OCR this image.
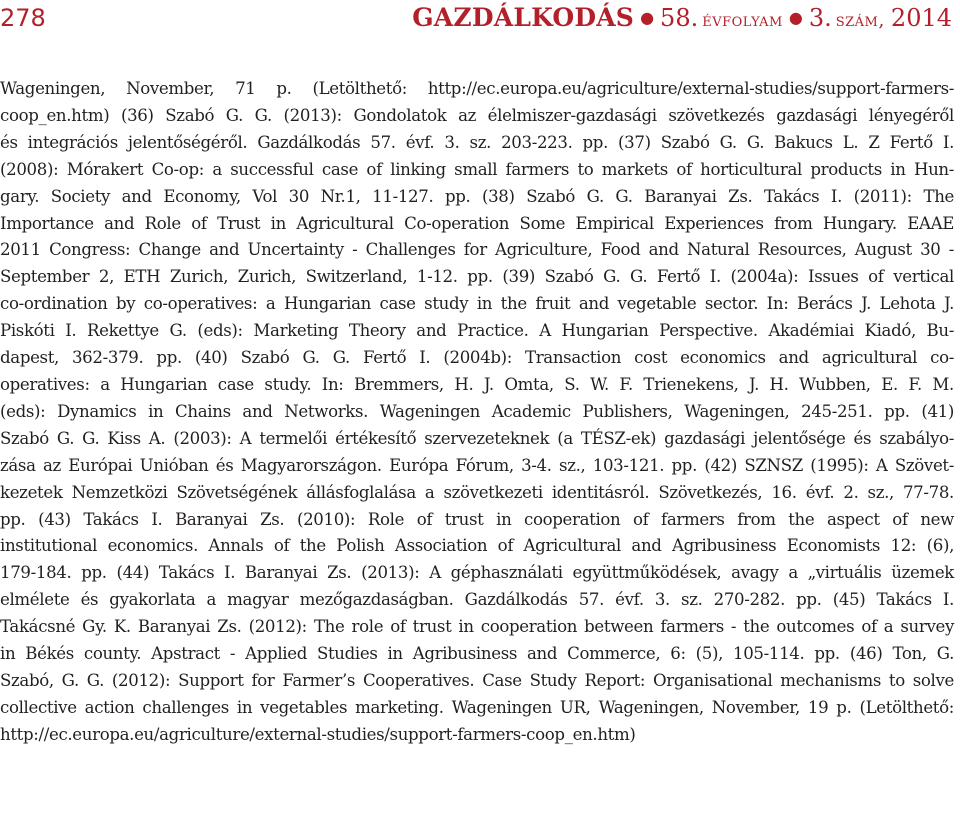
278	GAZDÁLKODÁS ● 58. évfolyam ● 3. szám , 2014
Wageningen, November, 71 p. (Letölthető: http://ec.europa.eu/agriculture/external-studies/support-farmers-
coop_en.htm) (36) Szabó G. G. (2013): Gondolatok az élelmiszer-gazdasági szövetkezés gazdasági lényegéről
és integrációs jelentőségéről. Gazdálkodás 57. évf. 3. sz. 203-223. pp. (37) Szabó G. G. Bakucs L. Z Fertő I.
(2008): Mórakert Co-op: a successful case of linking small farmers to markets of horticultural products in Hun-
gary. Society and Economy, Vol 30 Nr.1, 11-127. pp. (38) Szabó G. G. Baranyai Zs. Takács I. (2011): The
Importance and Role of Trust in Agricultural Co-operation Some Empirical Experiences from Hungary. EAAE
2011 Congress: Change and Uncertainty - Challenges for Agriculture, Food and Natural Resources, August 30 -
September 2, ETH Zurich, Zurich, Switzerland, 1-12. pp. (39) Szabó G. G. Fertő I. (2004a): Issues of vertical
co-ordination by co-operatives: a Hungarian case study in the fruit and vegetable sector. In: Berács J. Lehota J.
Piskóti I. Rekettye G. (eds): Marketing Theory and Practice. A Hungarian Perspective. Akadémiai Kiadó, Bu-
dapest, 362-379. pp. (40) Szabó G. G. Fertő I. (2004b): Transaction cost economics and agricultural co-
operatives: a Hungarian case study. In: Bremmers, H. J. Omta, S. W. F. Trienekens, J. H. Wubben, E. F. M.
(eds): Dynamics in Chains and Networks. Wageningen Academic Publishers, Wageningen, 245-251. pp. (41)
Szabó G. G. Kiss A. (2003): A termelői értékesítő szervezeteknek (a TÉSZ-ek) gazdasági jelentősége és szabályo-
zása az Európai Unióban és Magyarországon. Európa Fórum, 3-4. sz., 103-121. pp. (42) SZNSZ (1995): A Szövet-
kezetek Nemzetközi Szövetségének állásfoglalása a szövetkezeti identitásról. Szövetkezés, 16. évf. 2. sz., 77-78.
pp. (43) Takács I. Baranyai Zs. (2010): Role of trust in cooperation of farmers from the aspect of new
institutional economics. Annals of the Polish Association of Agricultural and Agribusiness Economists 12: (6),
179-184. pp. (44) Takács I. Baranyai Zs. (2013): A géphasználati együttműködések, avagy a „virtuális üzemek
elmélete és gyakorlata a magyar mezőgazdaságban. Gazdálkodás 57. évf. 3. sz. 270-282. pp. (45) Takács I.
Takácsné Gy. K. Baranyai Zs. (2012): The role of trust in cooperation between farmers - the outcomes of a survey
in Békés county. Apstract - Applied Studies in Agribusiness and Commerce, 6: (5), 105-114. pp. (46) Ton, G.
Szabó, G. G. (2012): Support for Farmer’s Cooperatives. Case Study Report: Organisational mechanisms to solve
collective action challenges in vegetables marketing. Wageningen UR, Wageningen, November, 19 p. (Letölthető:
http://ec.europa.eu/agriculture/external-studies/support-farmers-coop_en.htm)
